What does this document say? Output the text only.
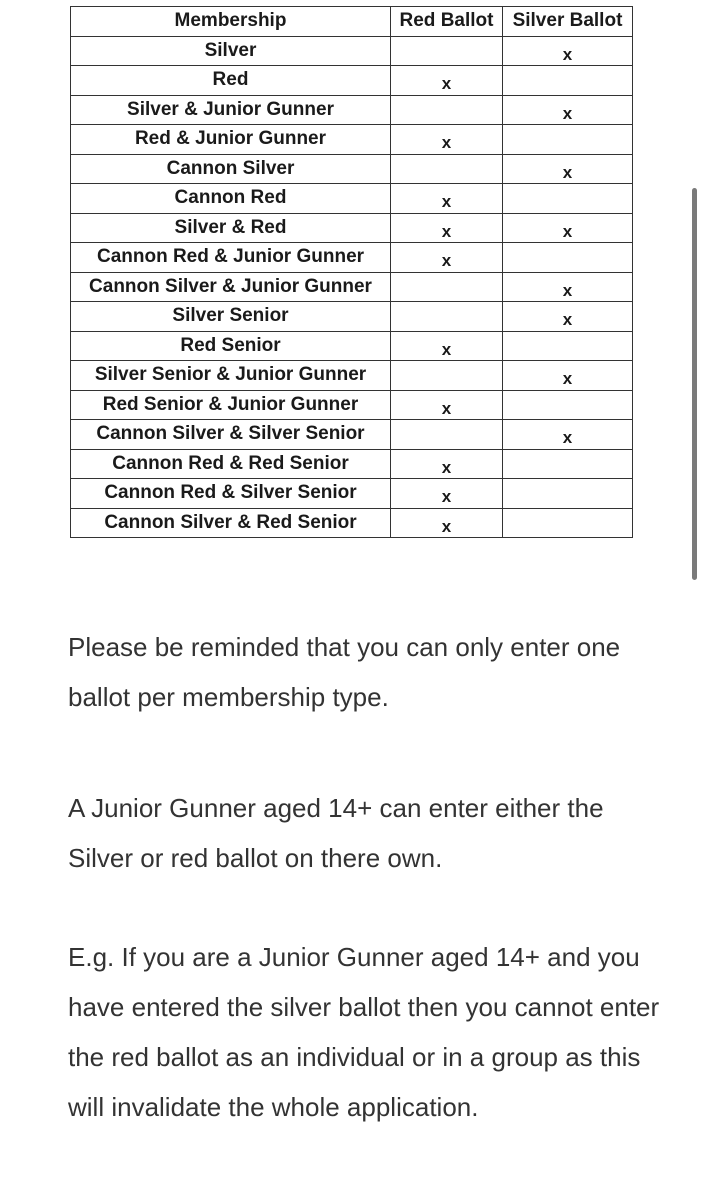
Membership	Red Ballot	Silver Ballot
Silver		x
Red	x	
Silver & Junior Gunner		x
Red & Junior Gunner	x	
Cannon Silver		x
Cannon Red	x	
Silver & Red	x	x
Cannon Red & Junior Gunner	x	
Cannon Silver & Junior Gunner		x
Silver Senior		x
Red Senior	x	
Silver Senior & Junior Gunner		x
Red Senior & Junior Gunner	x	
Cannon Silver & Silver Senior		x
Cannon Red & Red Senior	x	
Cannon Red & Silver Senior	x	
Cannon Silver & Red Senior	x	

Please be reminded that you can only enter one ballot per membership type.

A Junior Gunner aged 14+ can enter either the Silver or red ballot on there own.

E.g. If you are a Junior Gunner aged 14+ and you have entered the silver ballot then you cannot enter the red ballot as an individual or in a group as this will invalidate the whole application.
